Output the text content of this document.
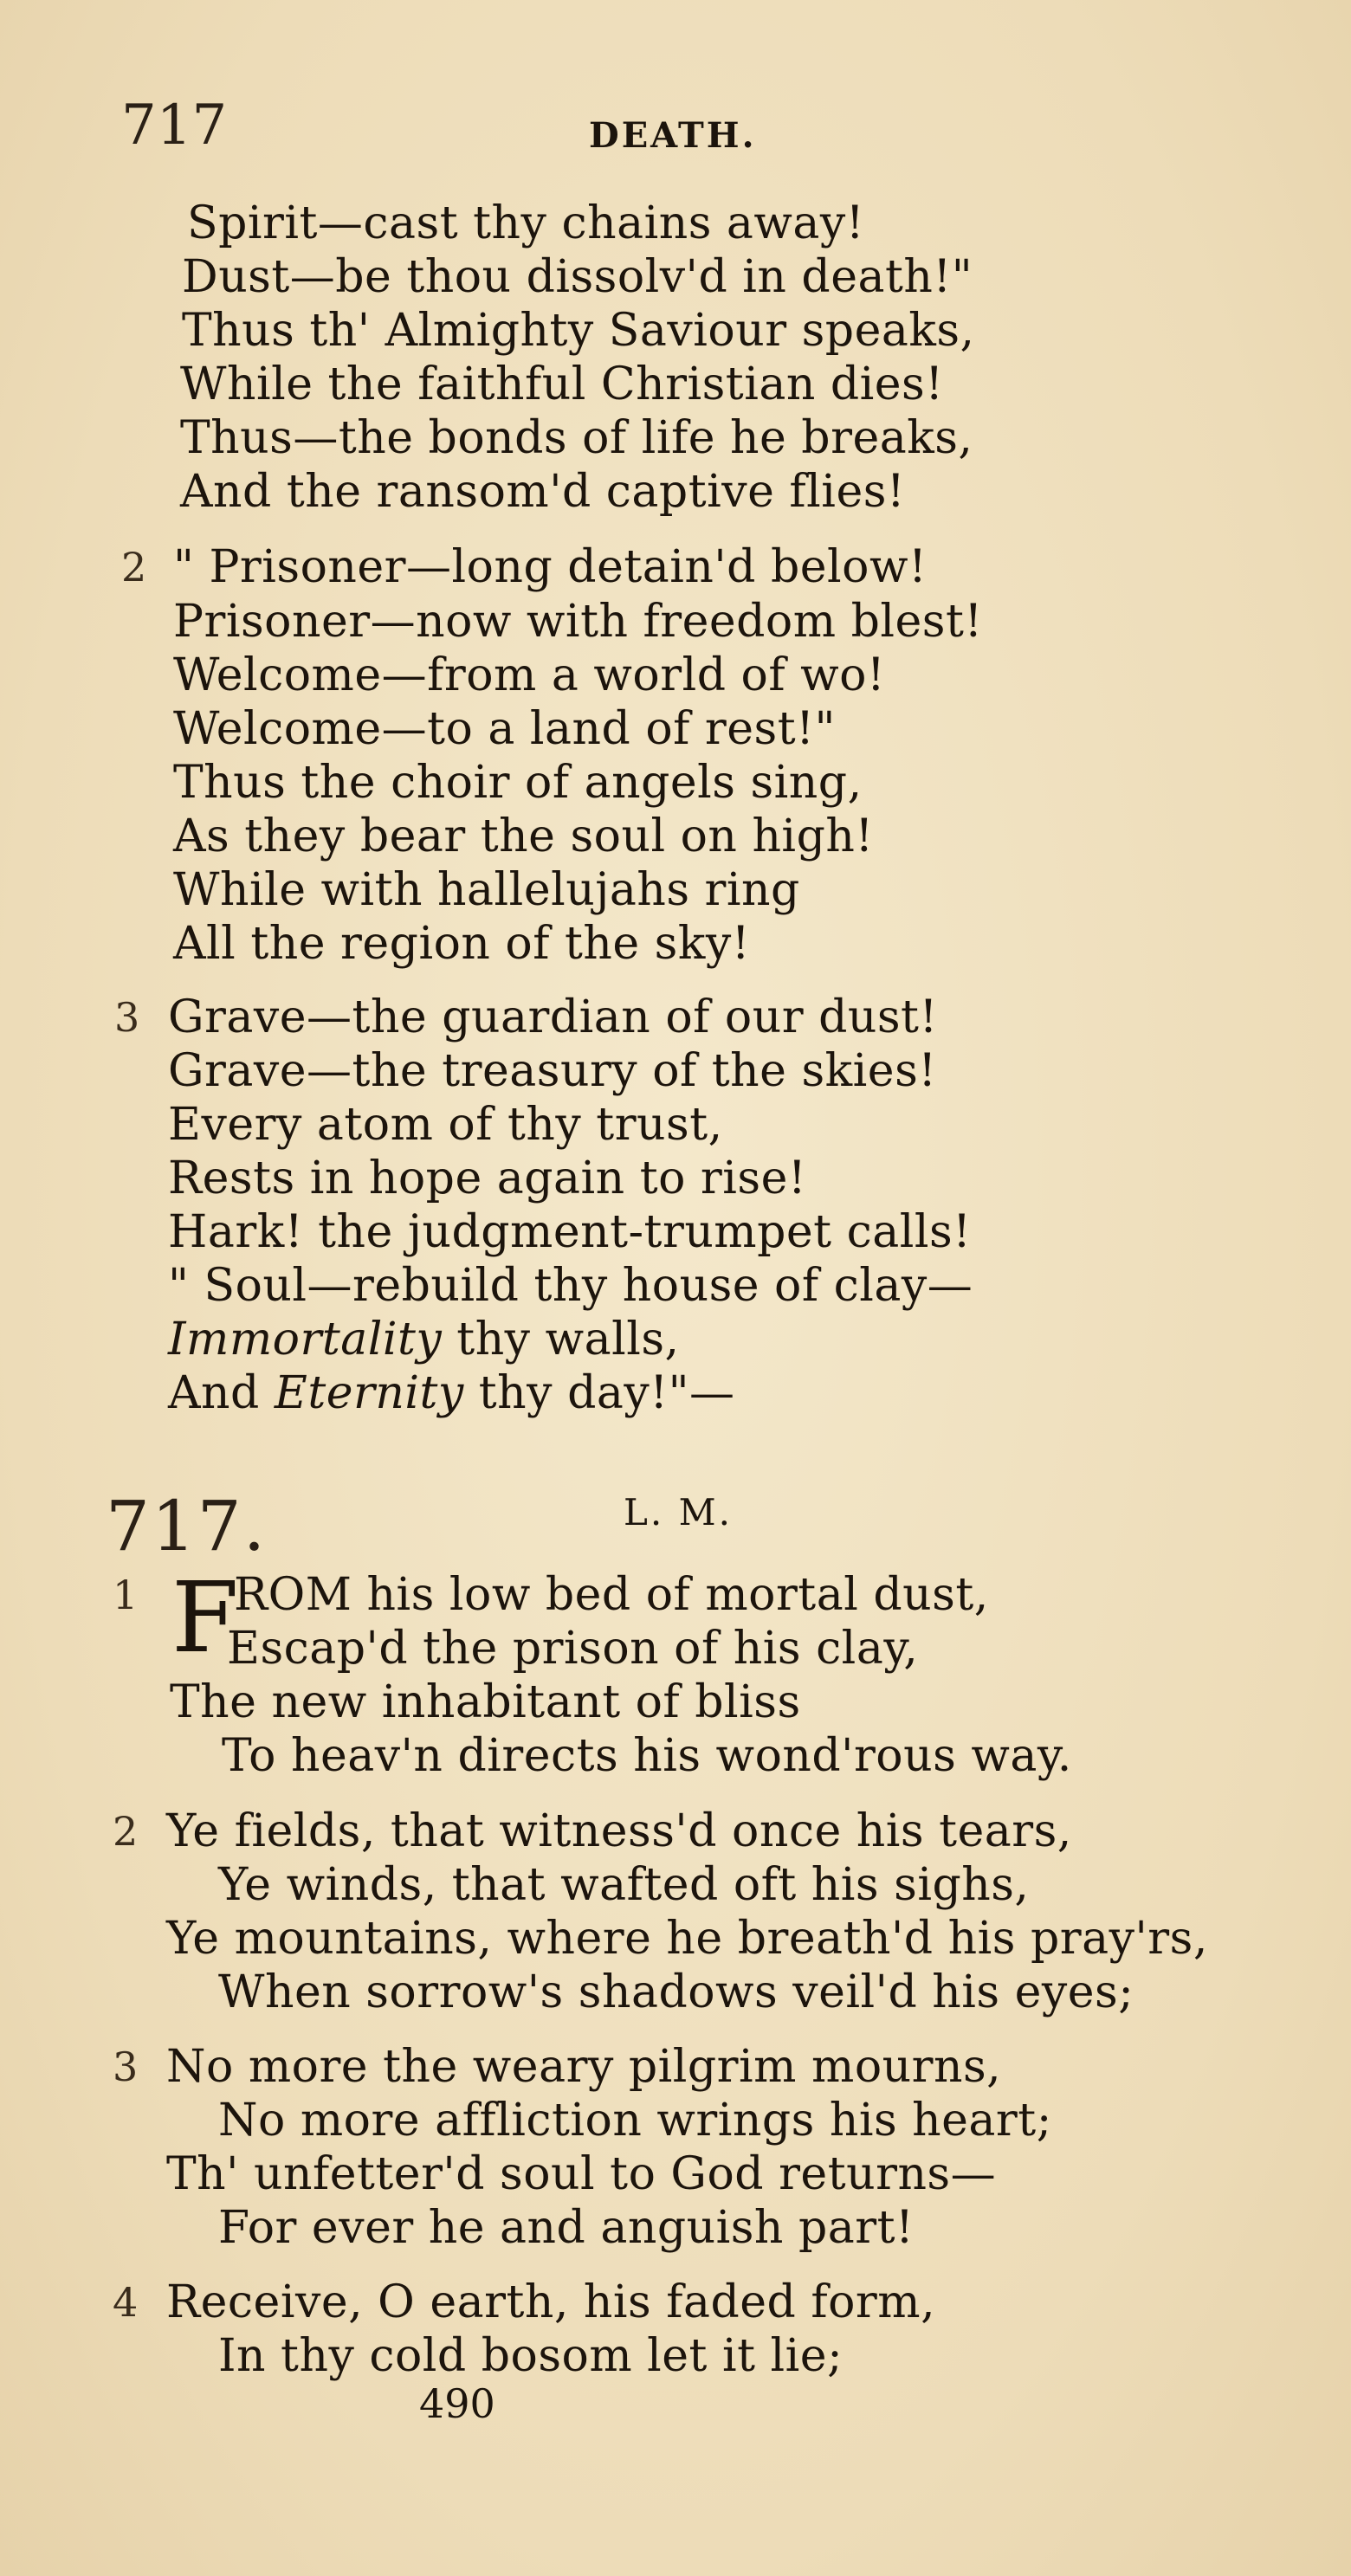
717	DEATH.
Spirit—cast thy chains away!
Dust—be thou dissolv'd in death!"
Thus th' Almighty Saviour speaks,
While the faithful Christian dies!
Thus—the bonds of life he breaks,
And the ransom'd captive flies!
2 " Prisoner—long detain'd below!
Prisoner—now with freedom blest!
Welcome—from a world of wo!
Welcome—to a land of rest!"
Thus the choir of angels sing,
As they bear the soul on high!
While with hallelujahs ring
All the region of the sky!
3 Grave—the guardian of our dust!
Grave—the treasury of the skies!
Every atom of thy trust,
Rests in hope again to rise!
Hark! the judgment-trumpet calls!
" Soul—rebuild thy house of clay—
Immortality thy walls,
And Eternity thy day!"—
717.	L. M.
1 F
ROM his low bed of mortal dust,
Escap'd the prison of his clay,
The new inhabitant of bliss
To heav'n directs his wond'rous way.
2 Ye fields, that witness'd once his tears,
Ye winds, that wafted oft his sighs,
Ye mountains, where he breath'd his pray'rs,
When sorrow's shadows veil'd his eyes;
3 No more the weary pilgrim mourns,
No more affliction wrings his heart;
Th' unfetter'd soul to God returns—
For ever he and anguish part!
4 Receive, O earth, his faded form,
In thy cold bosom let it lie;
490
